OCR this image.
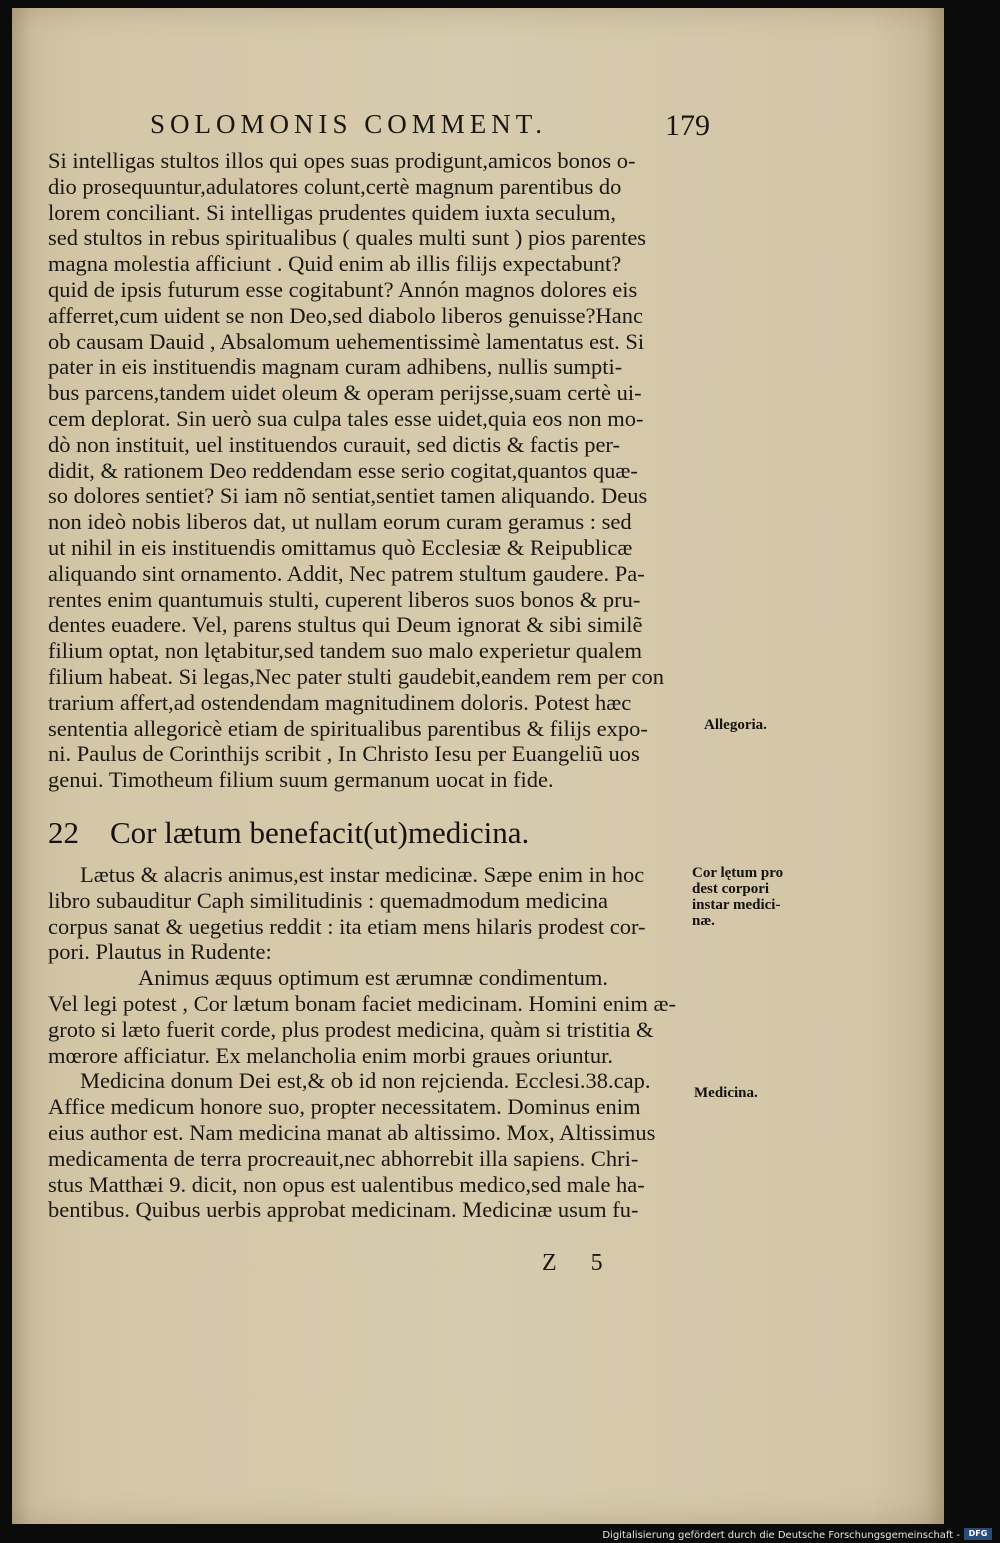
SOLOMONIS COMMENT.	179
Si intelligas stultos illos qui opes suas prodigunt,amicos bonos o-
dio prosequuntur,adulatores colunt,certè magnum parentibus do
lorem conciliant. Si intelligas prudentes quidem iuxta seculum,
sed stultos in rebus spiritualibus ( quales multi sunt ) pios parentes
magna molestia afficiunt . Quid enim ab illis filijs expectabunt?
quid de ipsis futurum esse cogitabunt? Annón magnos dolores eis
afferret,cum uident se non Deo,sed diabolo liberos genuisse?Hanc
ob causam Dauid , Absalomum uehementissimè lamentatus est. Si
pater in eis instituendis magnam curam adhibens, nullis sumpti-
bus parcens,tandem uidet oleum & operam perijsse,suam certè ui-
cem deplorat. Sin uerò sua culpa tales esse uidet,quia eos non mo-
dò non instituit, uel instituendos curauit, sed dictis & factis per-
didit, & rationem Deo reddendam esse serio cogitat,quantos quæ-
so dolores sentiet? Si iam nõ sentiat,sentiet tamen aliquando. Deus
non ideò nobis liberos dat, ut nullam eorum curam geramus : sed
ut nihil in eis instituendis omittamus quò Ecclesiæ & Reipublicæ
aliquando sint ornamento. Addit, Nec patrem stultum gaudere. Pa-
rentes enim quantumuis stulti, cuperent liberos suos bonos & pru-
dentes euadere. Vel, parens stultus qui Deum ignorat & sibi similẽ
filium optat, non lętabitur,sed tandem suo malo experietur qualem
filium habeat. Si legas,Nec pater stulti gaudebit,eandem rem per con
trarium affert,ad ostendendam magnitudinem doloris. Potest hæc
sententia allegoricè etiam de spiritualibus parentibus & filijs expo-
ni. Paulus de Corinthijs scribit , In Christo Iesu per Euangeliũ uos
genui. Timotheum filium suum germanum uocat in fide.
22 Cor lætum benefacit(ut)medicina.
Lætus & alacris animus,est instar medicinæ. Sæpe enim in hoc
libro subauditur Caph similitudinis : quemadmodum medicina
corpus sanat & uegetius reddit : ita etiam mens hilaris prodest cor-
pori. Plautus in Rudente:
Animus æquus optimum est ærumnæ condimentum.
Vel legi potest , Cor lætum bonam faciet medicinam. Homini enim æ-
groto si læto fuerit corde, plus prodest medicina, quàm si tristitia &
mœrore afficiatur. Ex melancholia enim morbi graues oriuntur.
Medicina donum Dei est,& ob id non rejcienda. Ecclesi.38.cap.
Affice medicum honore suo, propter necessitatem. Dominus enim
eius author est. Nam medicina manat ab altissimo. Mox, Altissimus
medicamenta de terra procreauit,nec abhorrebit illa sapiens. Chri-
stus Matthæi 9. dicit, non opus est ualentibus medico,sed male ha-
bentibus. Quibus uerbis approbat medicinam. Medicinæ usum fu-
Allegoria.
Cor lętum pro
dest corpori
instar medici-
næ.
Medicina.
Z 5
Digitalisierung gefördert durch die Deutsche Forschungsgemeinschaft -	DFG
